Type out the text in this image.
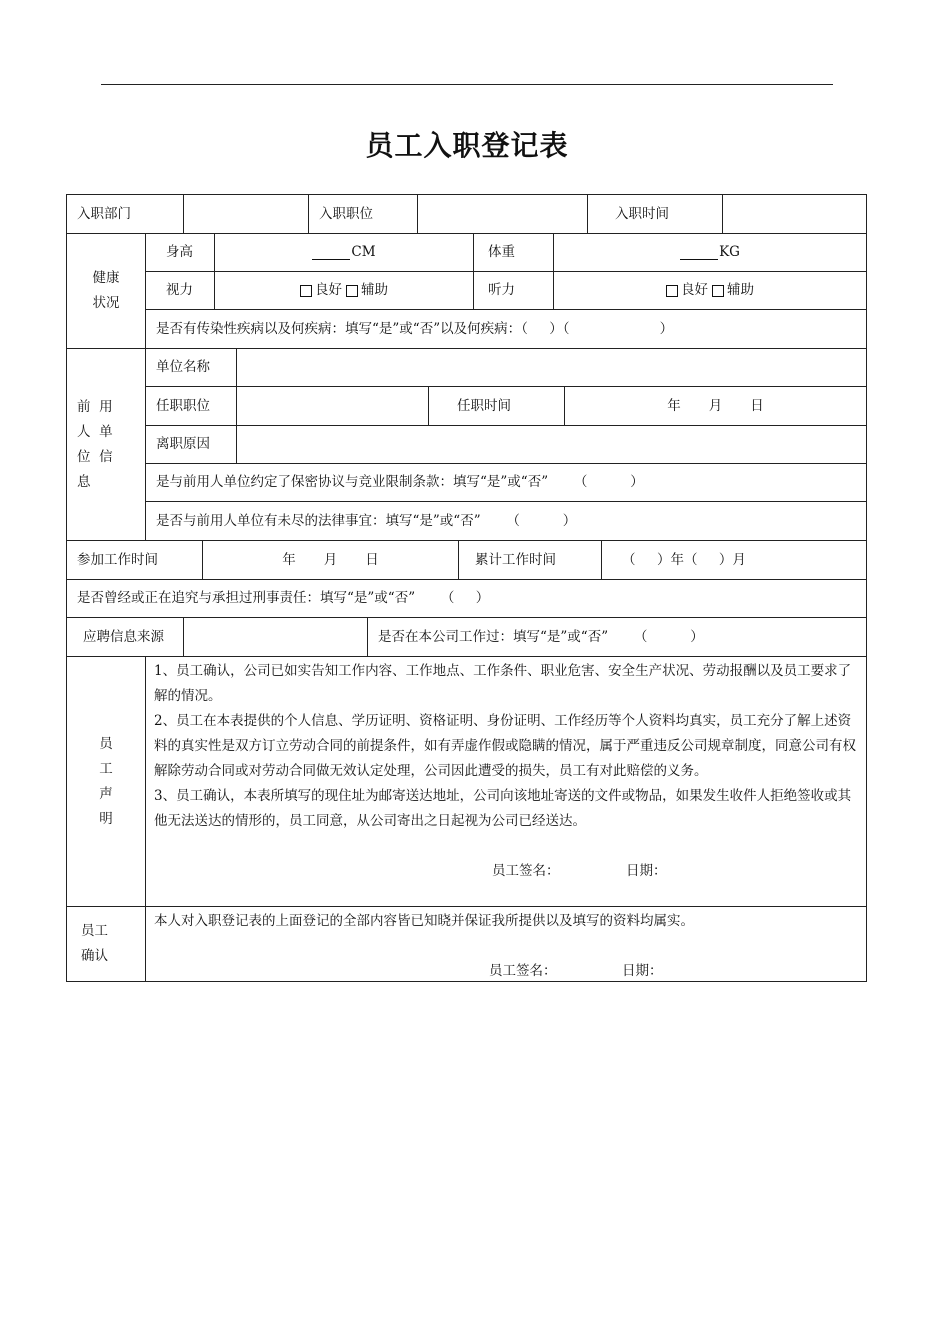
员工入职登记表
入职部门	入职职位	入职时间
健康
状况
身高	CM	体重	KG
视力	良好 辅助	听力	良好 辅助
是否有传染性疾病以及何疾病：填写“是”或“否”以及何疾病：（     ）（                     ）
前  用
人  单
位  信
息
单位名称
任职职位	任职时间	年 月 日
离职原因
是与前用人单位约定了保密协议与竞业限制条款：填写“是”或“否”      （          ）
是否与前用人单位有未尽的法律事宜：填写“是”或“否”      （          ）
参加工作时间	年 月 日	累计工作时间	（     ）年（     ）月
是否曾经或正在追究与承担过刑事责任：填写“是”或“否”      （     ）
应聘信息来源	是否在本公司工作过：填写“是”或“否”      （          ）
员
工
声
明

1、员工确认，公司已如实告知工作内容、工作地点、工作条件、职业危害、安全生产状况、劳动报酬以及员工要求了解的情况。

2、员工在本表提供的个人信息、学历证明、资格证明、身份证明、工作经历等个人资料均真实，员工充分了解上述资料的真实性是双方订立劳动合同的前提条件，如有弄虚作假或隐瞒的情况，属于严重违反公司规章制度，同意公司有权解除劳动合同或对劳动合同做无效认定处理，公司因此遭受的损失，员工有对此赔偿的义务。

3、员工确认，本表所填写的现住址为邮寄送达地址，公司向该地址寄送的文件或物品，如果发生收件人拒绝签收或其他无法送达的情形的，员工同意，从公司寄出之日起视为公司已经送达。

员工签名：	日期：
员工
确认

本人对入职登记表的上面登记的全部内容皆已知晓并保证我所提供以及填写的资料均属实。

员工签名：	日期：
